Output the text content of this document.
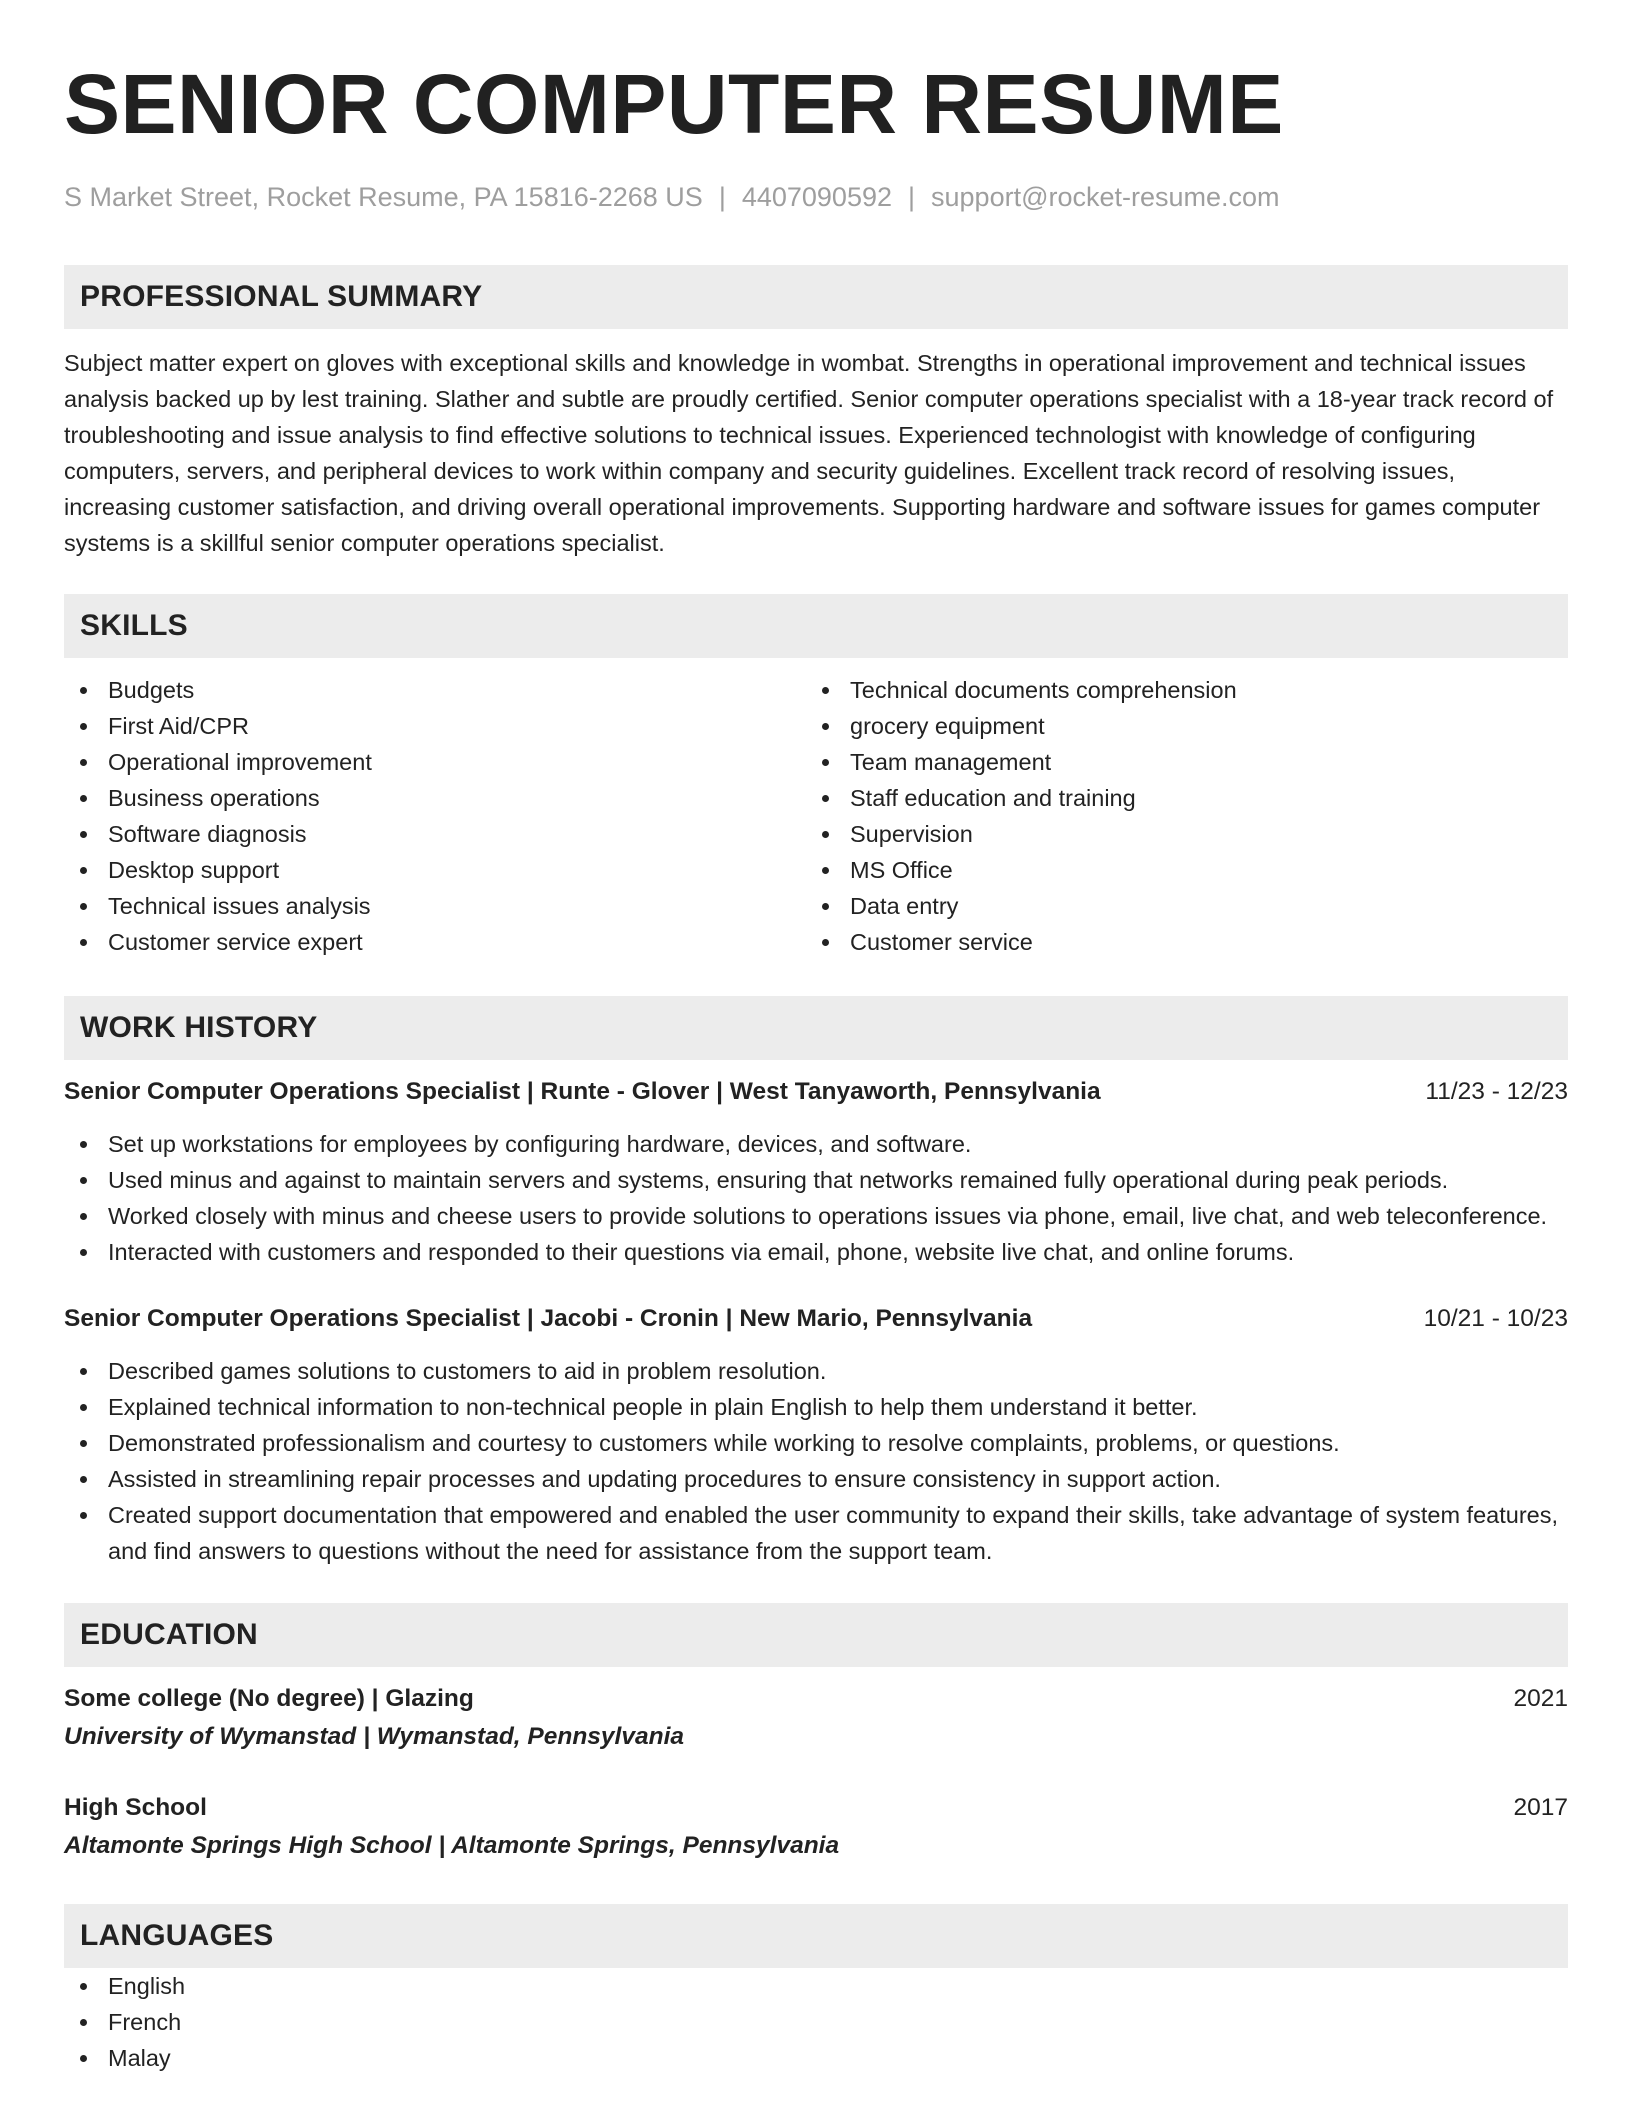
SENIOR COMPUTER RESUME
S Market Street, Rocket Resume, PA 15816-2268 US | 4407090592 | support@rocket-resume.com
PROFESSIONAL SUMMARY
Subject matter expert on gloves with exceptional skills and knowledge in wombat. Strengths in operational improvement and technical issues analysis backed up by lest training. Slather and subtle are proudly certified. Senior computer operations specialist with a 18-year track record of troubleshooting and issue analysis to find effective solutions to technical issues. Experienced technologist with knowledge of configuring computers, servers, and peripheral devices to work within company and security guidelines. Excellent track record of resolving issues, increasing customer satisfaction, and driving overall operational improvements. Supporting hardware and software issues for games computer systems is a skillful senior computer operations specialist.
SKILLS
Budgets
First Aid/CPR
Operational improvement
Business operations
Software diagnosis
Desktop support
Technical issues analysis
Customer service expert
Technical documents comprehension
grocery equipment
Team management
Staff education and training
Supervision
MS Office
Data entry
Customer service
WORK HISTORY
Senior Computer Operations Specialist | Runte - Glover | West Tanyaworth, Pennsylvania	11/23 - 12/23
Set up workstations for employees by configuring hardware, devices, and software.
Used minus and against to maintain servers and systems, ensuring that networks remained fully operational during peak periods.
Worked closely with minus and cheese users to provide solutions to operations issues via phone, email, live chat, and web teleconference.
Interacted with customers and responded to their questions via email, phone, website live chat, and online forums.
Senior Computer Operations Specialist | Jacobi - Cronin | New Mario, Pennsylvania	10/21 - 10/23
Described games solutions to customers to aid in problem resolution.
Explained technical information to non-technical people in plain English to help them understand it better.
Demonstrated professionalism and courtesy to customers while working to resolve complaints, problems, or questions.
Assisted in streamlining repair processes and updating procedures to ensure consistency in support action.
Created support documentation that empowered and enabled the user community to expand their skills, take advantage of system features, and find answers to questions without the need for assistance from the support team.
EDUCATION
Some college (No degree) | Glazing	2021
University of Wymanstad | Wymanstad, Pennsylvania
High School	2017
Altamonte Springs High School | Altamonte Springs, Pennsylvania
LANGUAGES
English
French
Malay
